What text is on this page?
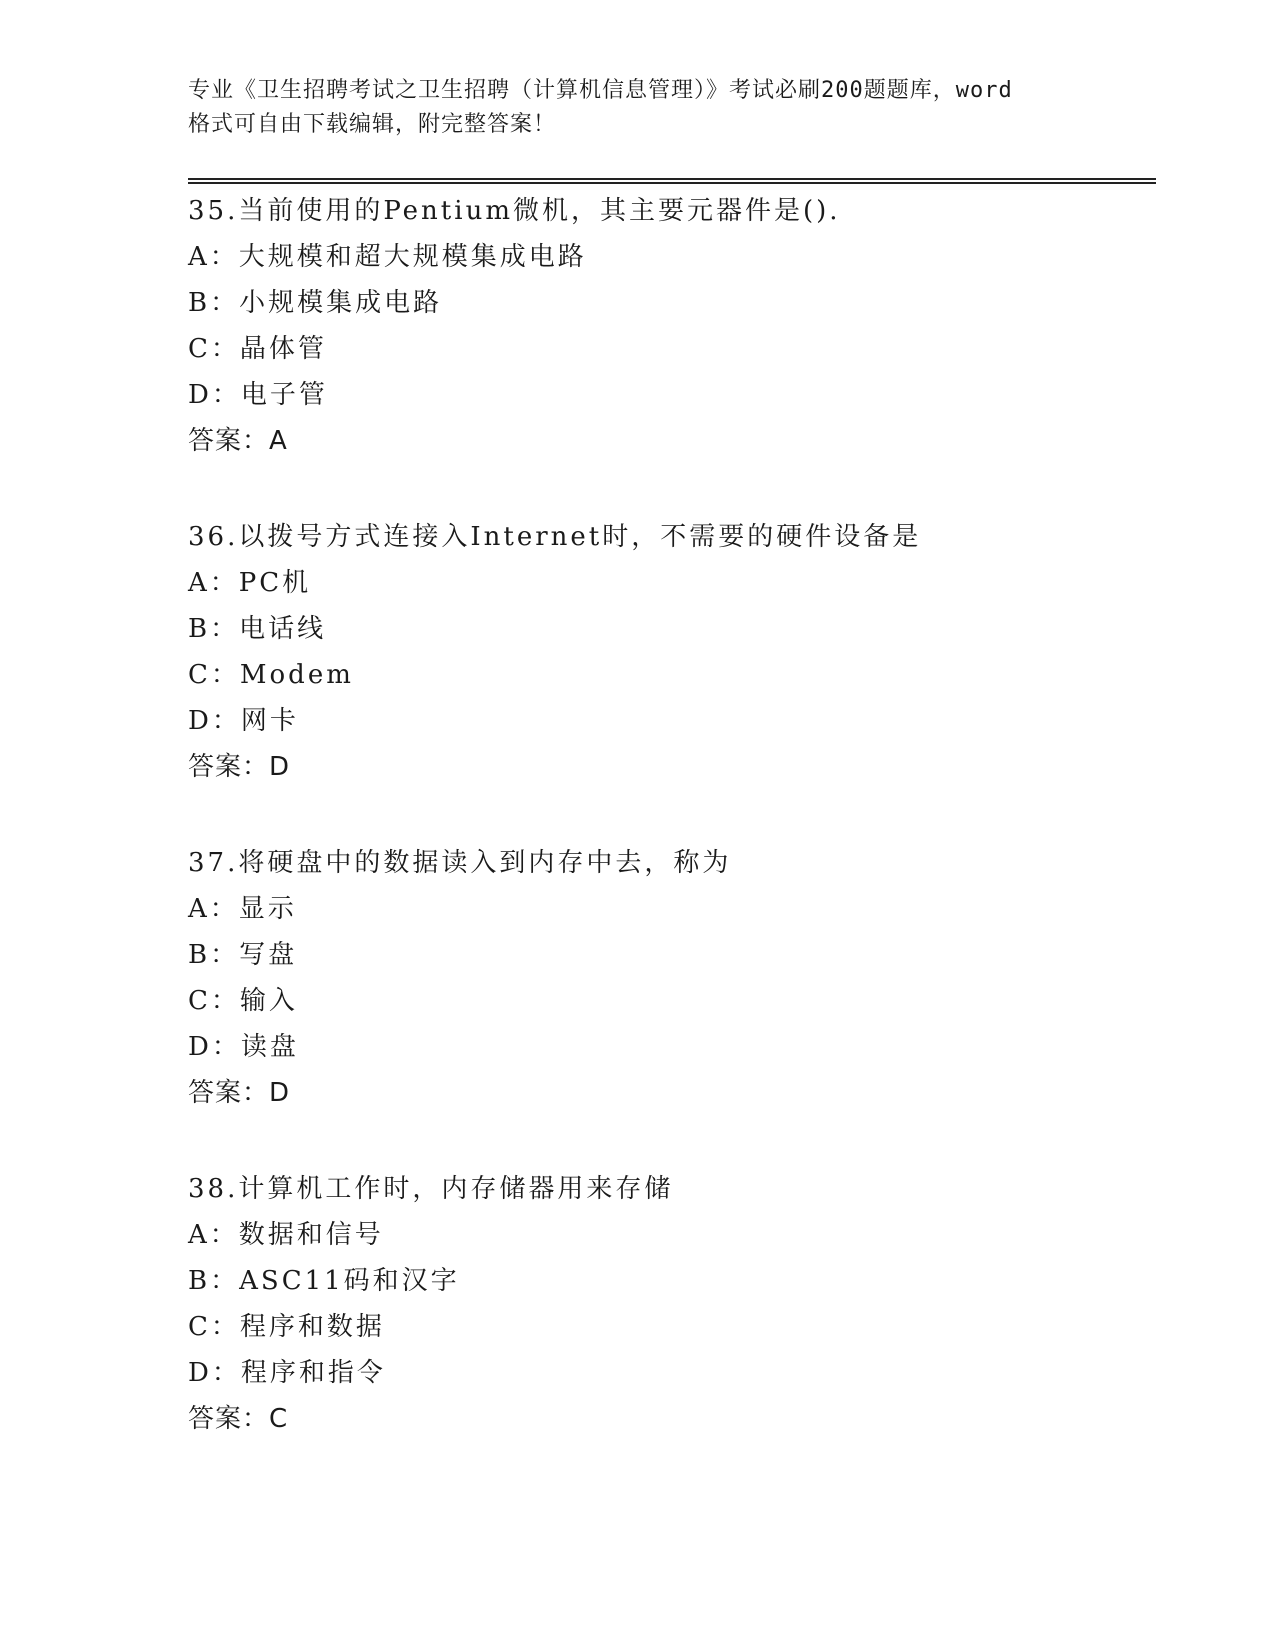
专业《卫生招聘考试之卫生招聘（计算机信息管理）》考试必刷200题题库，word
格式可自由下载编辑，附完整答案！
35.当前使用的Pentium微机，其主要元器件是().
A：大规模和超大规模集成电路
B：小规模集成电路
C：晶体管
D：电子管
答案：A
36.以拨号方式连接入Internet时，不需要的硬件设备是
A：PC机
B：电话线
C：Modem
D：网卡
答案：D
37.将硬盘中的数据读入到内存中去，称为
A：显示
B：写盘
C：输入
D：读盘
答案：D
38.计算机工作时，内存储器用来存储
A：数据和信号
B：ASC11码和汉字
C：程序和数据
D：程序和指令
答案：C
